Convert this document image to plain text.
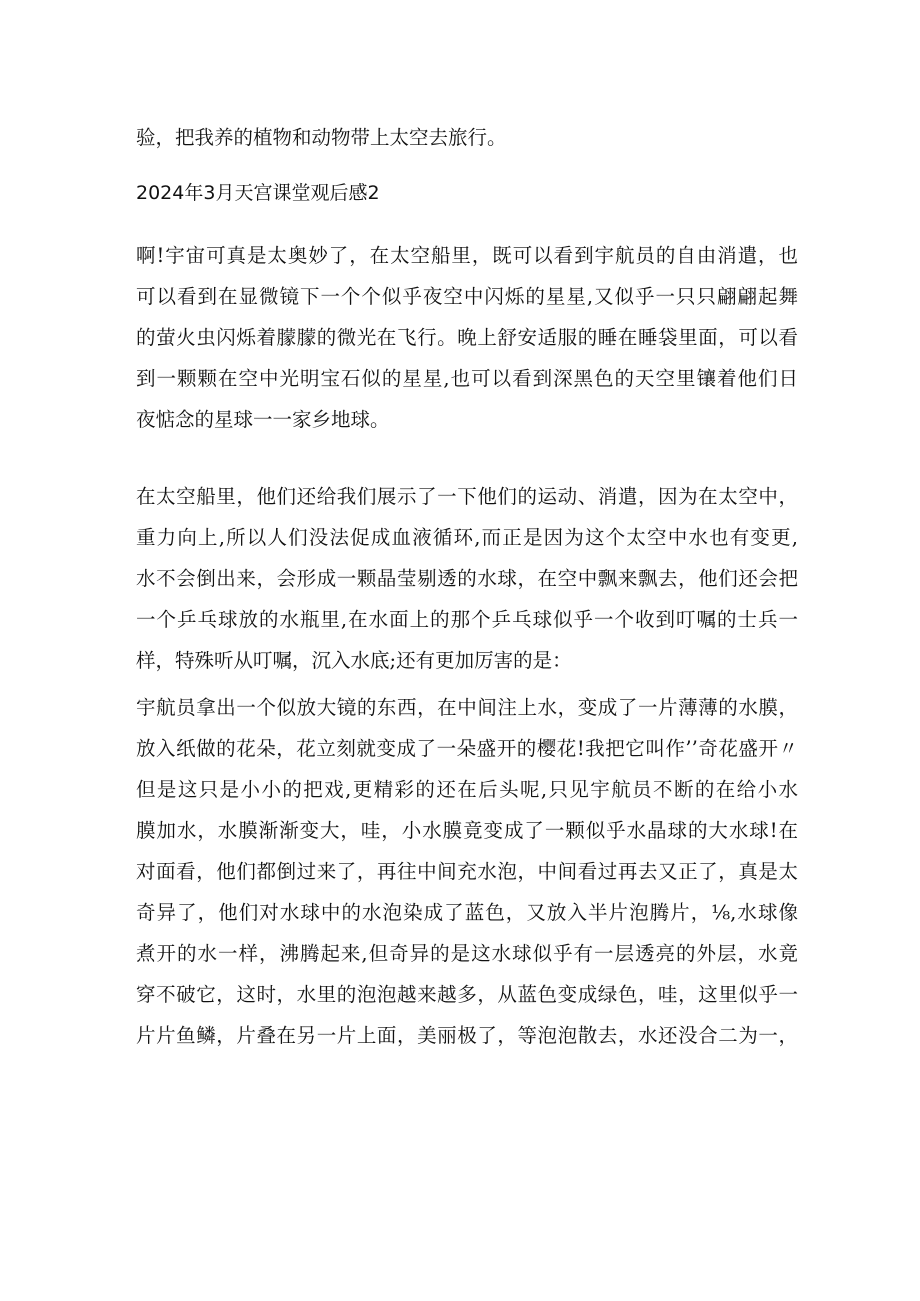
验，把我养的植物和动物带上太空去旅行。
2024年3月天宫课堂观后感2
啊!宇宙可真是太奥妙了，在太空船里，既可以看到宇航员的自由消遣，也
可以看到在显微镜下一个个似乎夜空中闪烁的星星,又似乎一只只翩翩起舞
的萤火虫闪烁着朦朦的微光在飞行。晚上舒安适服的睡在睡袋里面，可以看
到一颗颗在空中光明宝石似的星星,也可以看到深黑色的天空里镶着他们日
夜惦念的星球一一家乡地球。
在太空船里，他们还给我们展示了一下他们的运动、消遣，因为在太空中，
重力向上,所以人们没法促成血液循环,而正是因为这个太空中水也有变更,
水不会倒出来，会形成一颗晶莹剔透的水球，在空中飘来飘去，他们还会把
一个乒乓球放的水瓶里,在水面上的那个乒乓球似乎一个收到叮嘱的士兵一
样，特殊听从叮嘱，沉入水底;还有更加厉害的是：
宇航员拿出一个似放大镜的东西，在中间注上水，变成了一片薄薄的水膜，
放入纸做的花朵，花立刻就变成了一朵盛开的樱花!我把它叫作’’奇花盛开〃
但是这只是小小的把戏,更精彩的还在后头呢,只见宇航员不断的在给小水
膜加水，水膜渐渐变大，哇，小水膜竟变成了一颗似乎水晶球的大水球!在
对面看，他们都倒过来了，再往中间充水泡，中间看过再去又正了，真是太
奇异了，他们对水球中的水泡染成了蓝色，又放入半片泡腾片，⅛,水球像
煮开的水一样，沸腾起来,但奇异的是这水球似乎有一层透亮的外层，水竟
穿不破它，这时，水里的泡泡越来越多，从蓝色变成绿色，哇，这里似乎一
片片鱼鳞，片叠在另一片上面，美丽极了，等泡泡散去，水还没合二为一，
